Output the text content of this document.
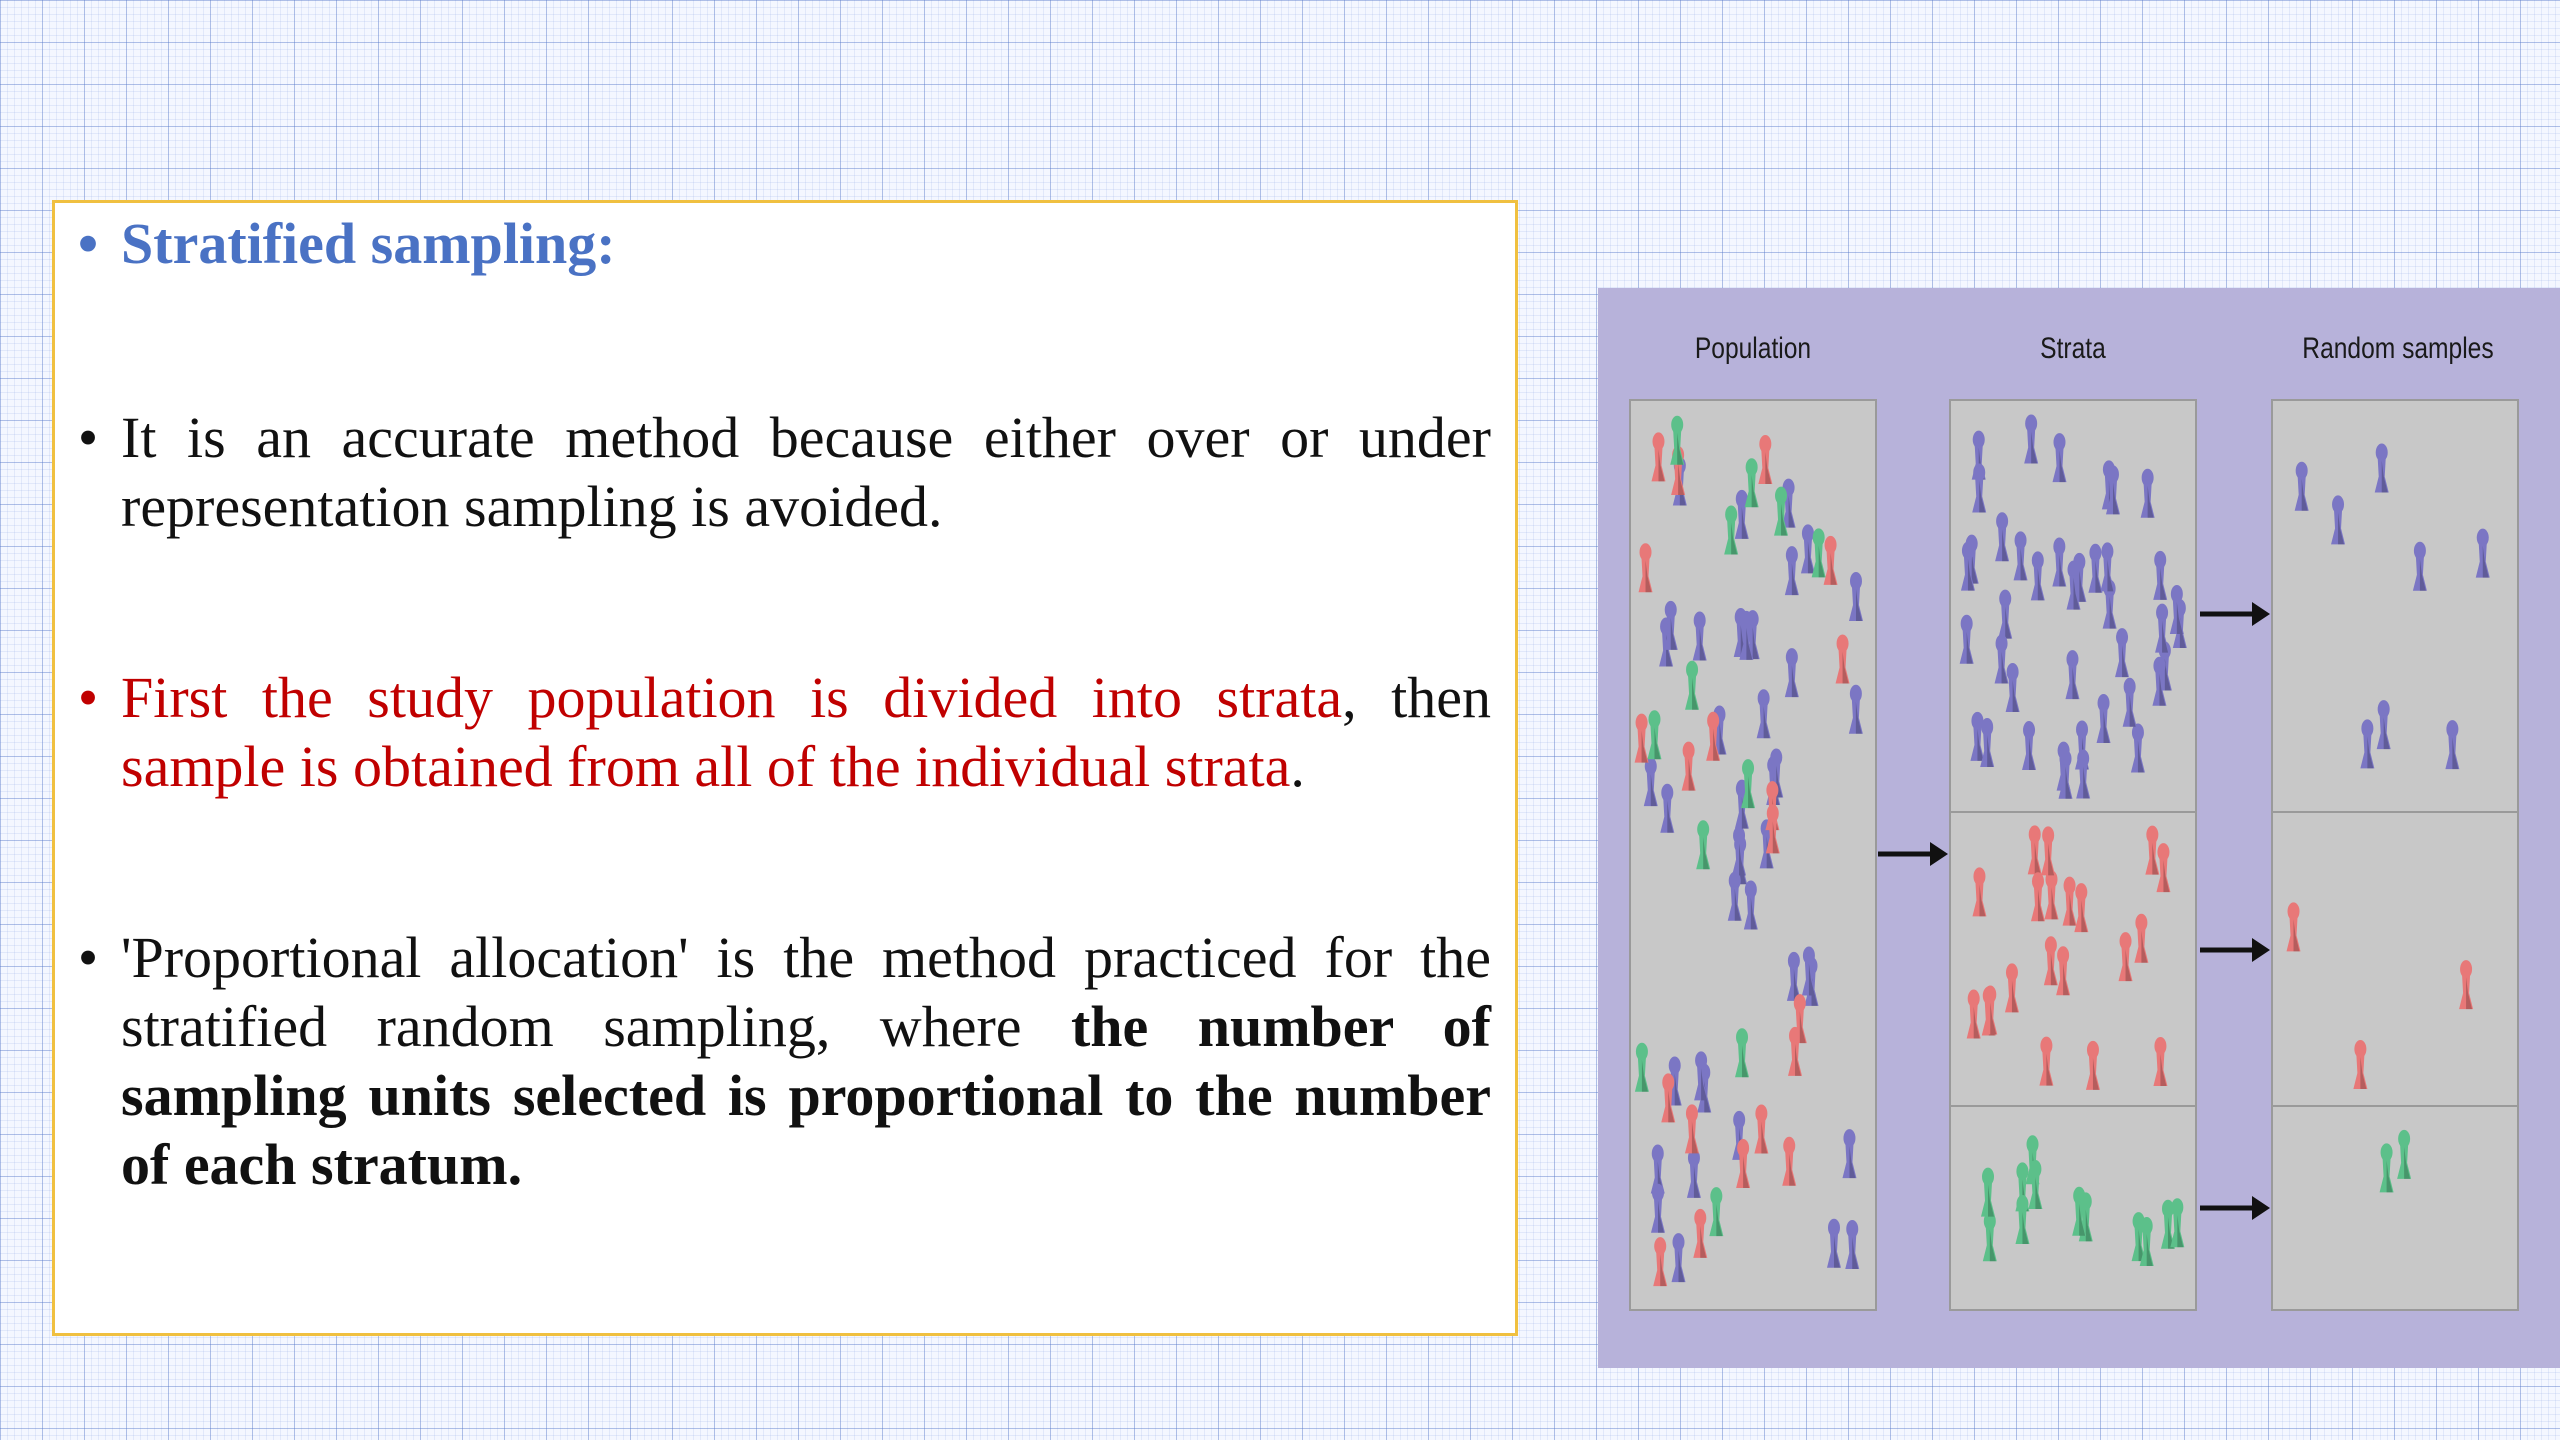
• Stratified sampling:
• It is an accurate method because either over or under representation sampling is avoided.
• First the study population is divided into strata, then sample is obtained from all of the individual strata.
• 'Proportional allocation' is the method practiced for the stratified random sampling, where the number of sampling units selected is proportional to the number of each stratum.
Population	Strata	Random samples
